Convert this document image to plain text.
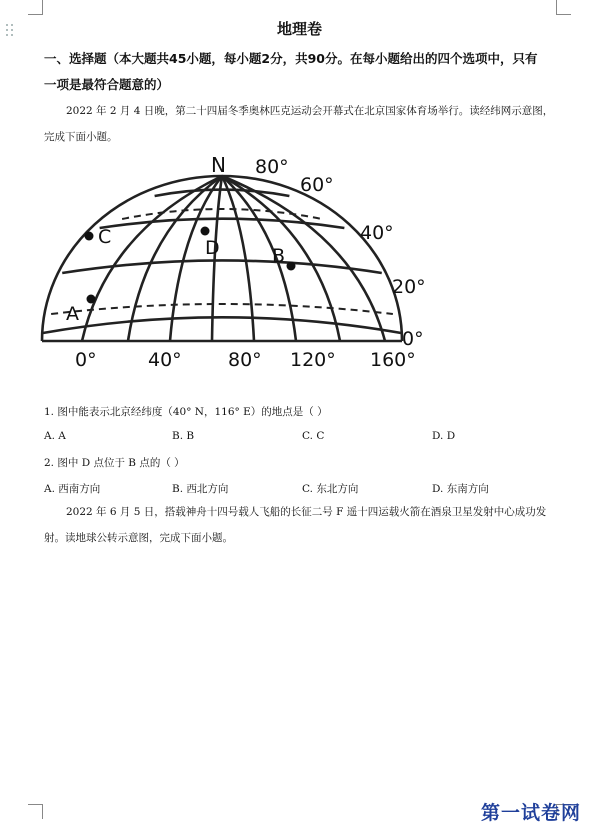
地理卷
一、选择题（本大题共45小题，每小题2分，共90分。在每小题给出的四个选项中，只有
一项是最符合题意的）
2022 年 2 月 4 日晚，第二十四届冬季奥林匹克运动会开幕式在北京国家体育场举行。读经纬网示意图，
完成下面小题。
N 80°
60°
40°
20°
0°
0°	40° 80° 120° 160°
A
B
C	D
1. 图中能表示北京经纬度（40° N，116° E）的地点是（ ）
A. A	B. B	C. C	D. D
2. 图中 D 点位于 B 点的（ ）
A. 西南方向	B. 西北方向	C. 东北方向	D. 东南方向
2022 年 6 月 5 日，搭载神舟十四号载人飞船的长征二号 F 遥十四运载火箭在酒泉卫星发射中心成功发
射。读地球公转示意图，完成下面小题。
第一试卷网
